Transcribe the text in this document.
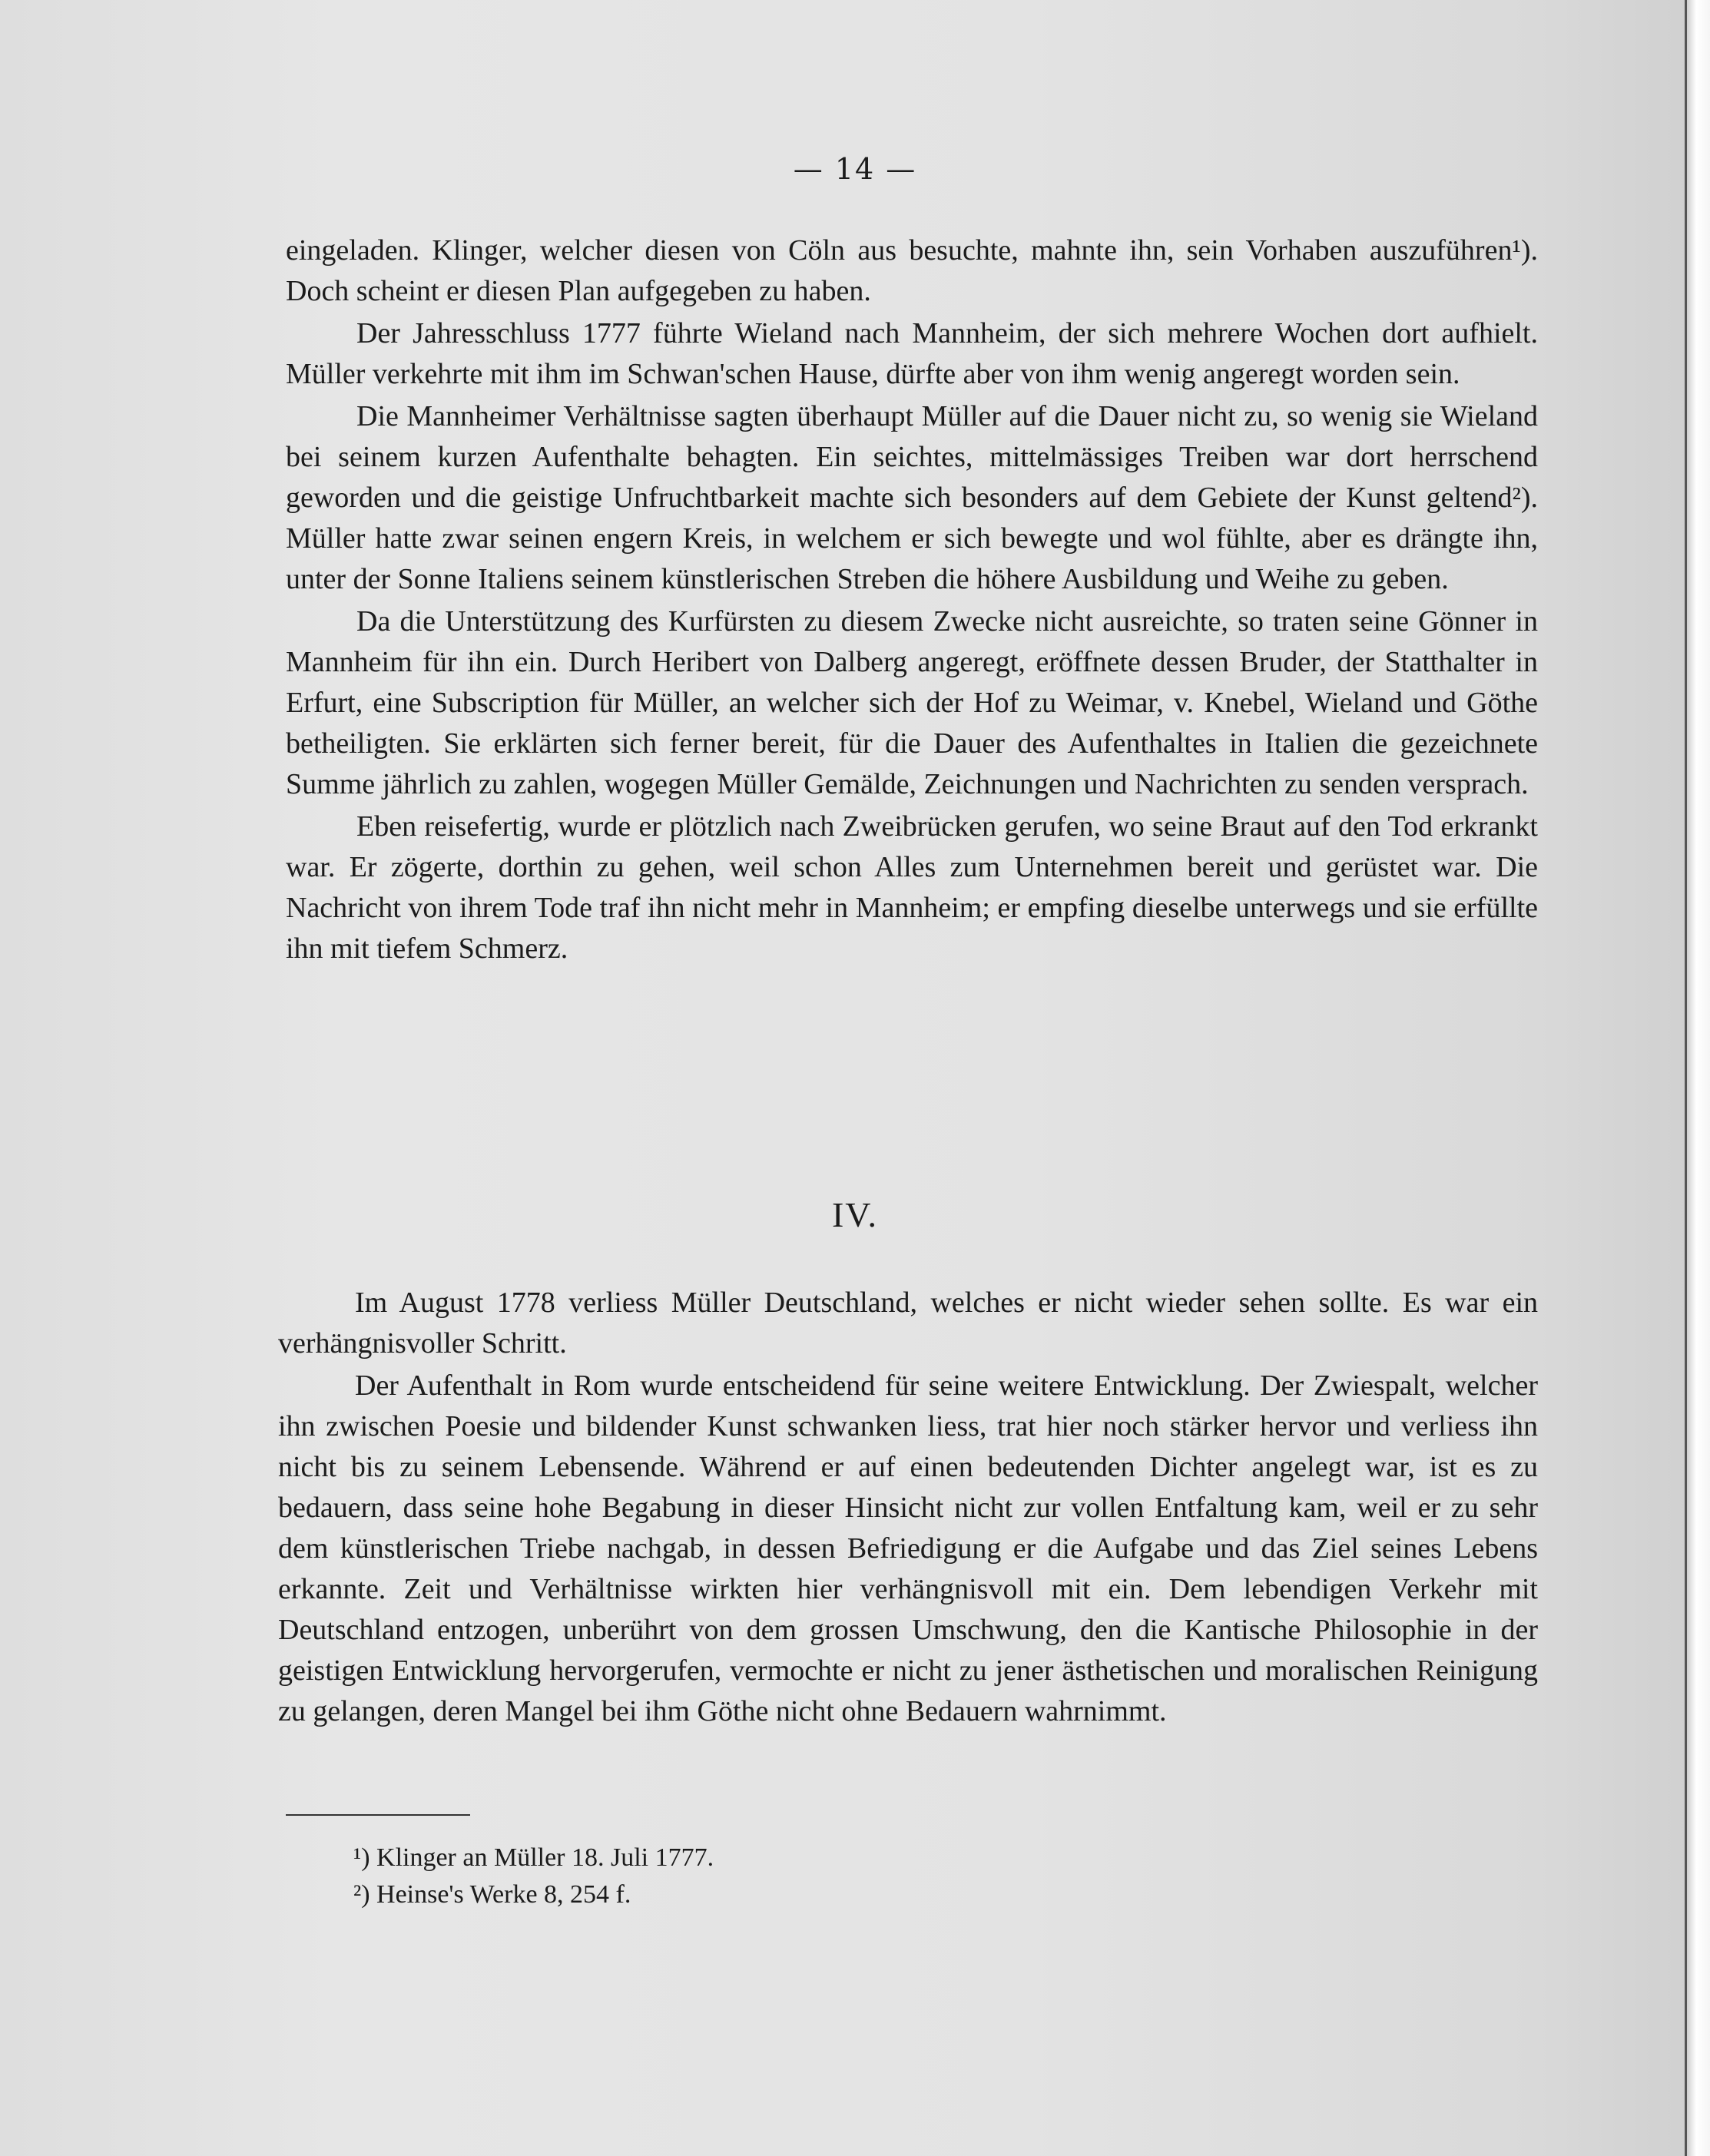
— 14 —

eingeladen. Klinger, welcher diesen von Cöln aus besuchte, mahnte ihn, sein Vorhaben auszuführen¹). Doch scheint er diesen Plan aufgegeben zu haben.

Der Jahresschluss 1777 führte Wieland nach Mannheim, der sich mehrere Wochen dort aufhielt. Müller verkehrte mit ihm im Schwan'schen Hause, dürfte aber von ihm wenig angeregt worden sein.

Die Mannheimer Verhältnisse sagten überhaupt Müller auf die Dauer nicht zu, so wenig sie Wieland bei seinem kurzen Aufenthalte behagten. Ein seichtes, mittelmässiges Treiben war dort herrschend geworden und die geistige Unfruchtbarkeit machte sich besonders auf dem Gebiete der Kunst geltend²). Müller hatte zwar seinen engern Kreis, in welchem er sich bewegte und wol fühlte, aber es drängte ihn, unter der Sonne Italiens seinem künstlerischen Streben die höhere Ausbildung und Weihe zu geben.

Da die Unterstützung des Kurfürsten zu diesem Zwecke nicht ausreichte, so traten seine Gönner in Mannheim für ihn ein. Durch Heribert von Dalberg angeregt, eröffnete dessen Bruder, der Statthalter in Erfurt, eine Subscription für Müller, an welcher sich der Hof zu Weimar, v. Knebel, Wieland und Göthe betheiligten. Sie erklärten sich ferner bereit, für die Dauer des Aufenthaltes in Italien die gezeichnete Summe jährlich zu zahlen, wogegen Müller Gemälde, Zeichnungen und Nachrichten zu senden versprach.

Eben reisefertig, wurde er plötzlich nach Zweibrücken gerufen, wo seine Braut auf den Tod erkrankt war. Er zögerte, dorthin zu gehen, weil schon Alles zum Unternehmen bereit und gerüstet war. Die Nachricht von ihrem Tode traf ihn nicht mehr in Mannheim; er empfing dieselbe unterwegs und sie erfüllte ihn mit tiefem Schmerz.

IV.

Im August 1778 verliess Müller Deutschland, welches er nicht wieder sehen sollte. Es war ein verhängnisvoller Schritt.

Der Aufenthalt in Rom wurde entscheidend für seine weitere Entwicklung. Der Zwiespalt, welcher ihn zwischen Poesie und bildender Kunst schwanken liess, trat hier noch stärker hervor und verliess ihn nicht bis zu seinem Lebensende. Während er auf einen bedeutenden Dichter angelegt war, ist es zu bedauern, dass seine hohe Begabung in dieser Hinsicht nicht zur vollen Entfaltung kam, weil er zu sehr dem künstlerischen Triebe nachgab, in dessen Befriedigung er die Aufgabe und das Ziel seines Lebens erkannte. Zeit und Verhältnisse wirkten hier verhängnisvoll mit ein. Dem lebendigen Verkehr mit Deutschland entzogen, unberührt von dem grossen Umschwung, den die Kantische Philosophie in der geistigen Entwicklung hervorgerufen, vermochte er nicht zu jener ästhetischen und moralischen Reinigung zu gelangen, deren Mangel bei ihm Göthe nicht ohne Bedauern wahrnimmt.

¹) Klinger an Müller 18. Juli 1777.
²) Heinse's Werke 8, 254 f.
